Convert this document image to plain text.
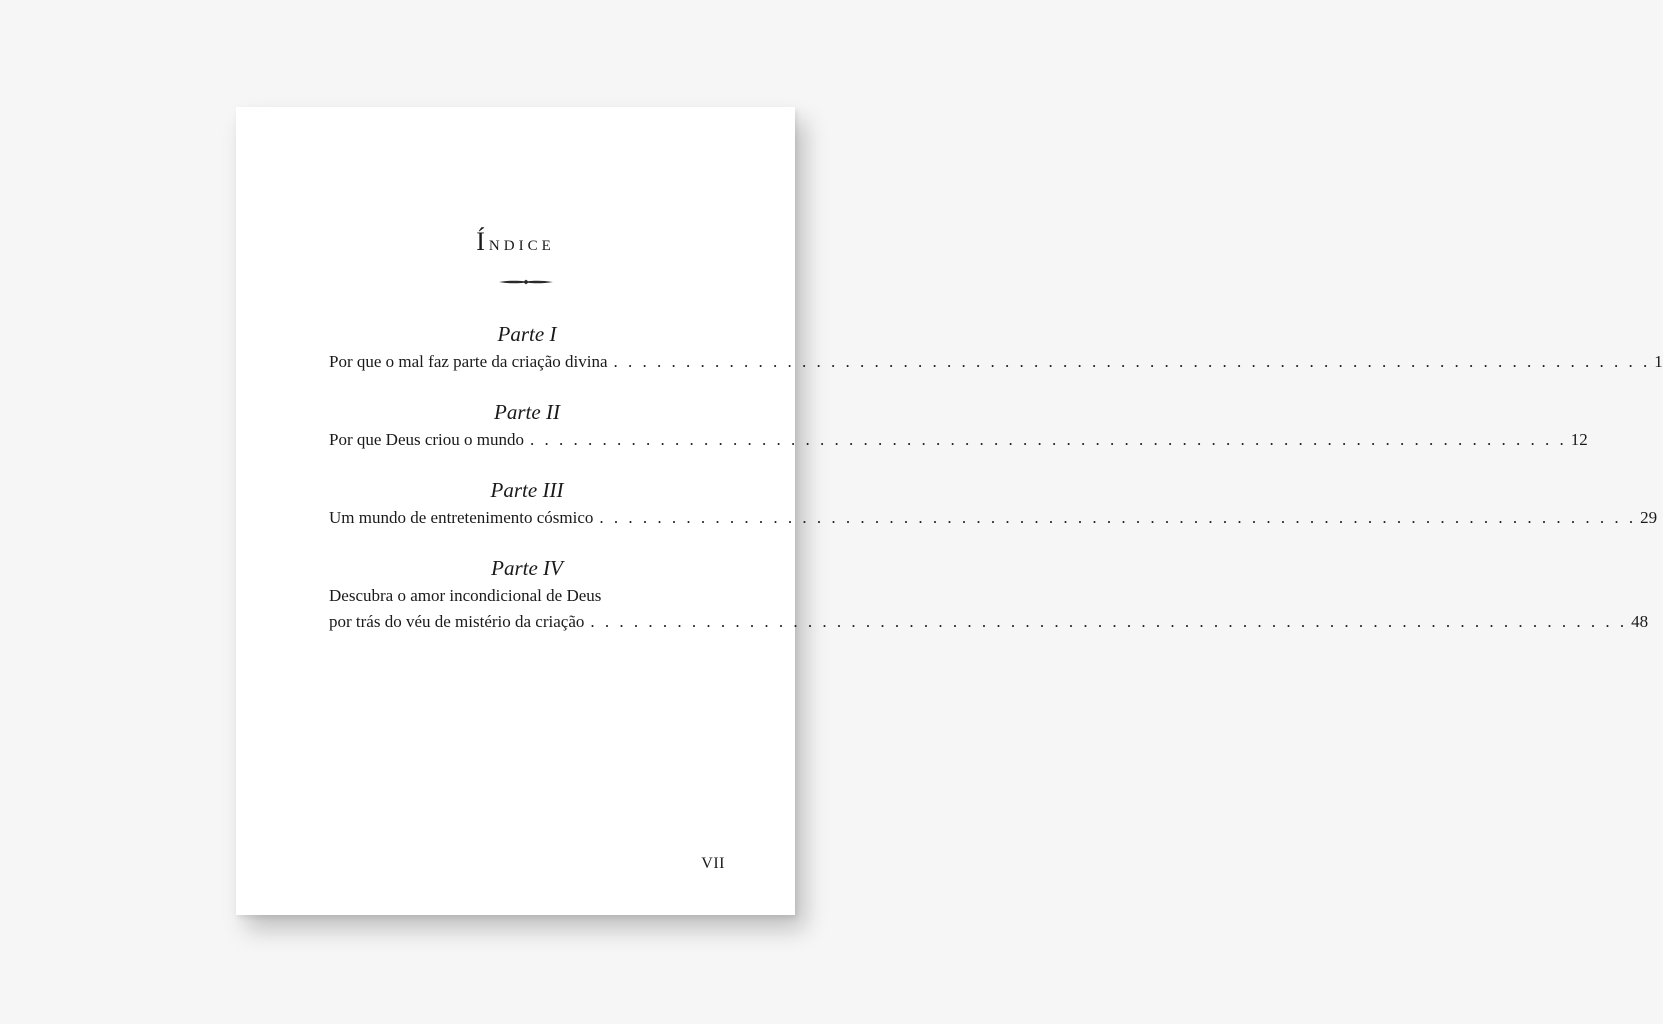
Índice
Parte I
Por que o mal faz parte da criação divina . . . . . . . . . . . . . . . . . . . . . . . . . . . . . . . . . . . . . . . . . . . . . . . . . . . . . . . . . . . . . . . . . . . . . . . . 1
Parte II
Por que Deus criou o mundo . . . . . . . . . . . . . . . . . . . . . . . . . . . . . . . . . . . . . . . . . . . . . . . . . . . . . . . . . . . . . . . . . . . . . . . . 12
Parte III
Um mundo de entretenimento cósmico . . . . . . . . . . . . . . . . . . . . . . . . . . . . . . . . . . . . . . . . . . . . . . . . . . . . . . . . . . . . . . . . . . . . . . . . 29
Parte IV
Descubra o amor incondicional de Deus
por trás do véu de mistério da criação . . . . . . . . . . . . . . . . . . . . . . . . . . . . . . . . . . . . . . . . . . . . . . . . . . . . . . . . . . . . . . . . . . . . . . . . 48
VII
